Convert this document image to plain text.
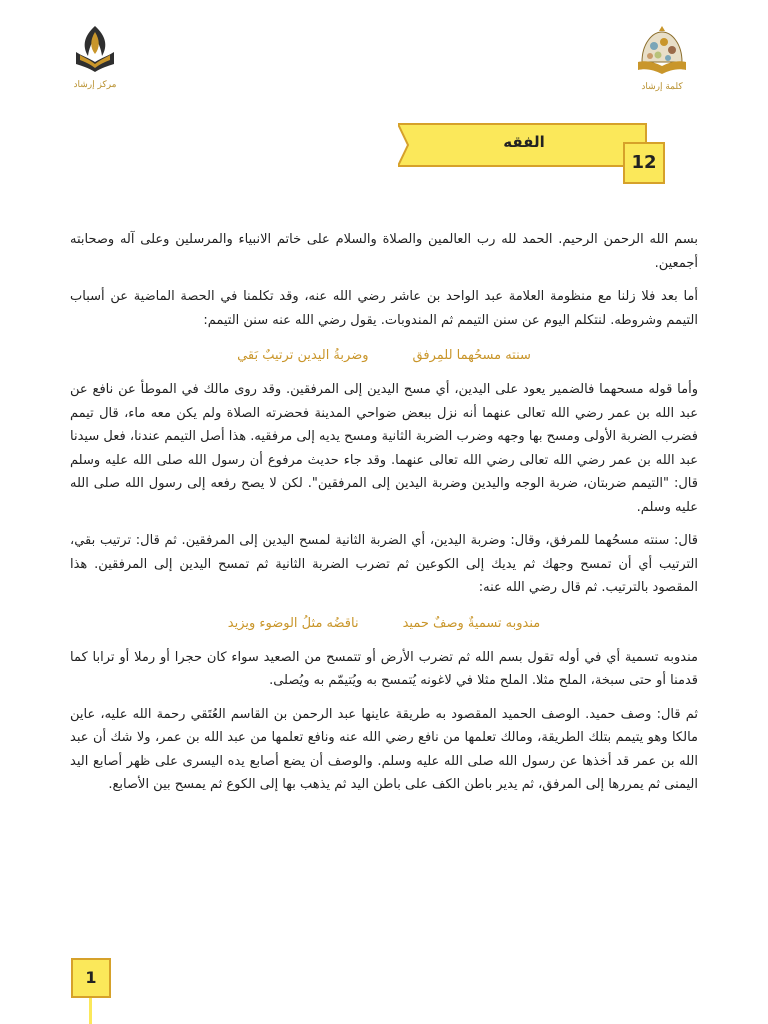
مركز إرشاد	كلمة إرشاد
الفقه
12

بسم الله الرحمن الرحيم. الحمد لله رب العالمين والصلاة والسلام على خاتم الانبياء والمرسلين وعلى آله وصحابته أجمعين.

أما بعد فلا زلنا مع منظومة العلامة عبد الواحد بن عاشر رضي الله عنه، وقد تكلمنا في الحصة الماضية عن أسباب التيمم وشروطه. لنتكلم اليوم عن سنن التيمم ثم المندوبات. يقول رضي الله عنه سنن التيمم:

سنته مسحُهما للمِرفق
وضربةُ اليدين ترتيبٌ بَقي

وأما قوله مسحهما فالضمير يعود على اليدين، أي مسح اليدين إلى المرفقين. وقد روى مالك في الموطأ عن نافع عن عبد الله بن عمر رضي الله تعالى عنهما أنه نزل ببعض ضواحي المدينة فحضرته الصلاة ولم يكن معه ماء، قال تيمم فضرب الضربة الأولى ومسح بها وجهه وضرب الضربة الثانية ومسح يديه إلى مرفقيه. هذا أصل التيمم عندنا، فعل سيدنا عبد الله بن عمر رضي الله تعالى رضي الله تعالى عنهما. وقد جاء حديث مرفوع أن رسول الله صلى الله عليه وسلم قال: "التيمم ضربتان، ضربة الوجه واليدين وضربة اليدين إلى المرفقين". لكن لا يصح رفعه إلى رسول الله صلى الله عليه وسلم.

قال: سنته مسحُهما للمرفق، وقال: وضربة اليدين، أي الضربة الثانية لمسح اليدين إلى المرفقين. ثم قال: ترتيب بقي، الترتيب أي أن تمسح وجهك ثم يديك إلى الكوعين ثم تضرب الضربة الثانية ثم تمسح اليدين إلى المرفقين. هذا المقصود بالترتيب. ثم قال رضي الله عنه:

مندوبه تسميةٌ وصفٌ حميد
ناقضُه مثلُ الوضوء ويزيد

مندوبه تسمية أي في أوله تقول بسم الله ثم تضرب الأرض أو تتمسح من الصعيد سواء كان حجرا أو رملا أو ترابا كما قدمنا أو حتى سبخة، الملح مثلا. الملح مثلا في لاغونه يُتمسح به ويُتيمّم به ويُصلى.

ثم قال: وصف حميد. الوصف الحميد المقصود به طريقة عاينها عبد الرحمن بن القاسم العُتَقي رحمة الله عليه، عاين مالكا وهو يتيمم بتلك الطريقة، ومالك تعلمها من نافع رضي الله عنه ونافع تعلمها من عبد الله بن عمر، ولا شك أن عبد الله بن عمر قد أخذها عن رسول الله صلى الله عليه وسلم. والوصف أن يضع أصابع يده اليسرى على ظهر أصابع اليد اليمنى ثم يمررها إلى المرفق، ثم يدير باطن الكف على باطن اليد ثم يذهب بها إلى الكوع ثم يمسح بين الأصابع.

1
